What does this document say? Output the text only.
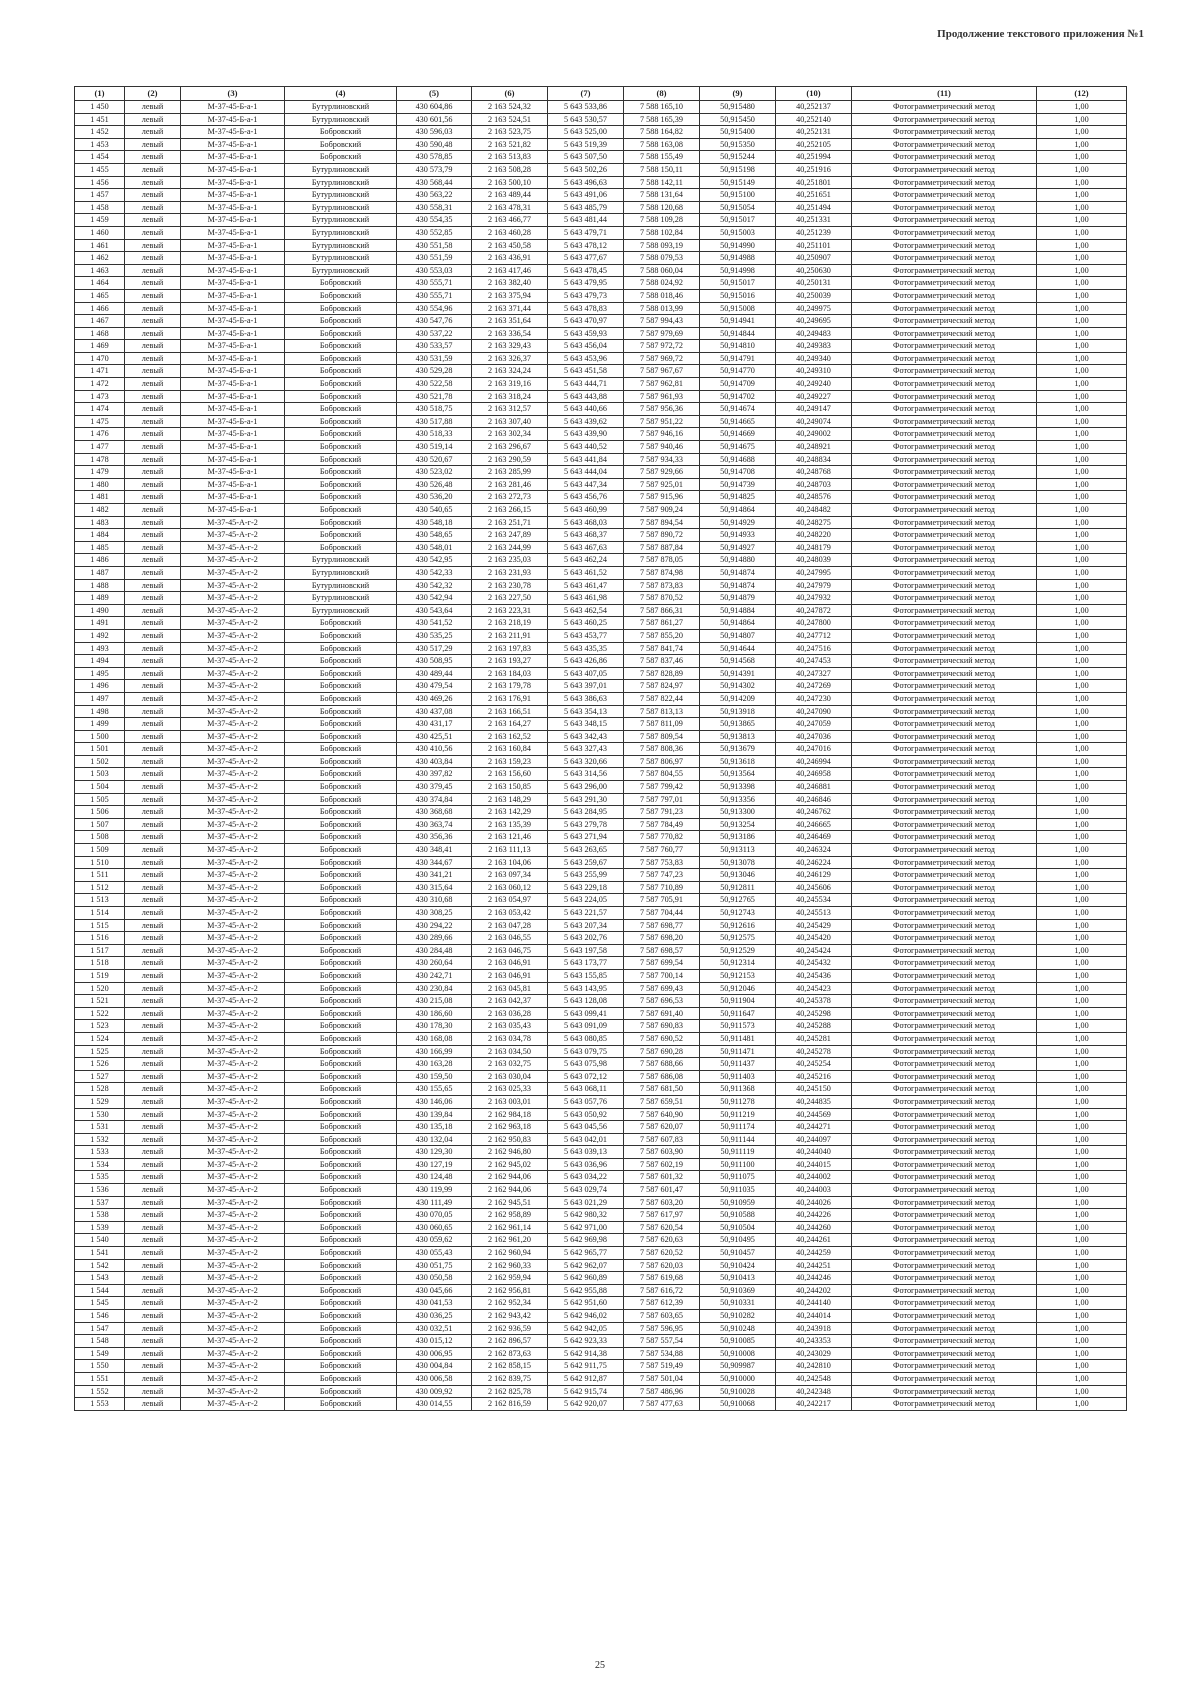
Продолжение текстового приложения №1
(1)	(2)	(3)	(4)	(5)	(6)	(7)	(8)	(9)	(10)	(11)	(12)
1 450	левый	М-37-45-Б-а-1	Бутурлиновский	430 604,86	2 163 524,32	5 643 533,86	7 588 165,10	50,915480	40,252137	Фотограмметрический метод	1,00
1 451	левый	М-37-45-Б-а-1	Бутурлиновский	430 601,56	2 163 524,51	5 643 530,57	7 588 165,39	50,915450	40,252140	Фотограмметрический метод	1,00
1 452	левый	М-37-45-Б-а-1	Бобровский	430 596,03	2 163 523,75	5 643 525,00	7 588 164,82	50,915400	40,252131	Фотограмметрический метод	1,00
1 453	левый	М-37-45-Б-а-1	Бобровский	430 590,48	2 163 521,82	5 643 519,39	7 588 163,08	50,915350	40,252105	Фотограмметрический метод	1,00
1 454	левый	М-37-45-Б-а-1	Бобровский	430 578,85	2 163 513,83	5 643 507,50	7 588 155,49	50,915244	40,251994	Фотограмметрический метод	1,00
1 455	левый	М-37-45-Б-а-1	Бутурлиновский	430 573,79	2 163 508,28	5 643 502,26	7 588 150,11	50,915198	40,251916	Фотограмметрический метод	1,00
1 456	левый	М-37-45-Б-а-1	Бутурлиновский	430 568,44	2 163 500,10	5 643 496,63	7 588 142,11	50,915149	40,251801	Фотограмметрический метод	1,00
1 457	левый	М-37-45-Б-а-1	Бутурлиновский	430 563,22	2 163 489,44	5 643 491,06	7 588 131,64	50,915100	40,251651	Фотограмметрический метод	1,00
1 458	левый	М-37-45-Б-а-1	Бутурлиновский	430 558,31	2 163 478,31	5 643 485,79	7 588 120,68	50,915054	40,251494	Фотограмметрический метод	1,00
1 459	левый	М-37-45-Б-а-1	Бутурлиновский	430 554,35	2 163 466,77	5 643 481,44	7 588 109,28	50,915017	40,251331	Фотограмметрический метод	1,00
1 460	левый	М-37-45-Б-а-1	Бутурлиновский	430 552,85	2 163 460,28	5 643 479,71	7 588 102,84	50,915003	40,251239	Фотограмметрический метод	1,00
1 461	левый	М-37-45-Б-а-1	Бутурлиновский	430 551,58	2 163 450,58	5 643 478,12	7 588 093,19	50,914990	40,251101	Фотограмметрический метод	1,00
1 462	левый	М-37-45-Б-а-1	Бутурлиновский	430 551,59	2 163 436,91	5 643 477,67	7 588 079,53	50,914988	40,250907	Фотограмметрический метод	1,00
1 463	левый	М-37-45-Б-а-1	Бутурлиновский	430 553,03	2 163 417,46	5 643 478,45	7 588 060,04	50,914998	40,250630	Фотограмметрический метод	1,00
1 464	левый	М-37-45-Б-а-1	Бобровский	430 555,71	2 163 382,40	5 643 479,95	7 588 024,92	50,915017	40,250131	Фотограмметрический метод	1,00
1 465	левый	М-37-45-Б-а-1	Бобровский	430 555,71	2 163 375,94	5 643 479,73	7 588 018,46	50,915016	40,250039	Фотограмметрический метод	1,00
1 466	левый	М-37-45-Б-а-1	Бобровский	430 554,96	2 163 371,44	5 643 478,83	7 588 013,99	50,915008	40,249975	Фотограмметрический метод	1,00
1 467	левый	М-37-45-Б-а-1	Бобровский	430 547,76	2 163 351,64	5 643 470,97	7 587 994,43	50,914941	40,249695	Фотограмметрический метод	1,00
1 468	левый	М-37-45-Б-а-1	Бобровский	430 537,22	2 163 336,54	5 643 459,93	7 587 979,69	50,914844	40,249483	Фотограмметрический метод	1,00
1 469	левый	М-37-45-Б-а-1	Бобровский	430 533,57	2 163 329,43	5 643 456,04	7 587 972,72	50,914810	40,249383	Фотограмметрический метод	1,00
1 470	левый	М-37-45-Б-а-1	Бобровский	430 531,59	2 163 326,37	5 643 453,96	7 587 969,72	50,914791	40,249340	Фотограмметрический метод	1,00
1 471	левый	М-37-45-Б-а-1	Бобровский	430 529,28	2 163 324,24	5 643 451,58	7 587 967,67	50,914770	40,249310	Фотограмметрический метод	1,00
1 472	левый	М-37-45-Б-а-1	Бобровский	430 522,58	2 163 319,16	5 643 444,71	7 587 962,81	50,914709	40,249240	Фотограмметрический метод	1,00
1 473	левый	М-37-45-Б-а-1	Бобровский	430 521,78	2 163 318,24	5 643 443,88	7 587 961,93	50,914702	40,249227	Фотограмметрический метод	1,00
1 474	левый	М-37-45-Б-а-1	Бобровский	430 518,75	2 163 312,57	5 643 440,66	7 587 956,36	50,914674	40,249147	Фотограмметрический метод	1,00
1 475	левый	М-37-45-Б-а-1	Бобровский	430 517,88	2 163 307,40	5 643 439,62	7 587 951,22	50,914665	40,249074	Фотограмметрический метод	1,00
1 476	левый	М-37-45-Б-а-1	Бобровский	430 518,33	2 163 302,34	5 643 439,90	7 587 946,16	50,914669	40,249002	Фотограмметрический метод	1,00
1 477	левый	М-37-45-Б-а-1	Бобровский	430 519,14	2 163 296,67	5 643 440,52	7 587 940,46	50,914675	40,248921	Фотограмметрический метод	1,00
1 478	левый	М-37-45-Б-а-1	Бобровский	430 520,67	2 163 290,59	5 643 441,84	7 587 934,33	50,914688	40,248834	Фотограмметрический метод	1,00
1 479	левый	М-37-45-Б-а-1	Бобровский	430 523,02	2 163 285,99	5 643 444,04	7 587 929,66	50,914708	40,248768	Фотограмметрический метод	1,00
1 480	левый	М-37-45-Б-а-1	Бобровский	430 526,48	2 163 281,46	5 643 447,34	7 587 925,01	50,914739	40,248703	Фотограмметрический метод	1,00
1 481	левый	М-37-45-Б-а-1	Бобровский	430 536,20	2 163 272,73	5 643 456,76	7 587 915,96	50,914825	40,248576	Фотограмметрический метод	1,00
1 482	левый	М-37-45-Б-а-1	Бобровский	430 540,65	2 163 266,15	5 643 460,99	7 587 909,24	50,914864	40,248482	Фотограмметрический метод	1,00
1 483	левый	М-37-45-А-г-2	Бобровский	430 548,18	2 163 251,71	5 643 468,03	7 587 894,54	50,914929	40,248275	Фотограмметрический метод	1,00
1 484	левый	М-37-45-А-г-2	Бобровский	430 548,65	2 163 247,89	5 643 468,37	7 587 890,72	50,914933	40,248220	Фотограмметрический метод	1,00
1 485	левый	М-37-45-А-г-2	Бобровский	430 548,01	2 163 244,99	5 643 467,63	7 587 887,84	50,914927	40,248179	Фотограмметрический метод	1,00
1 486	левый	М-37-45-А-г-2	Бутурлиновский	430 542,95	2 163 235,03	5 643 462,24	7 587 878,05	50,914880	40,248039	Фотограмметрический метод	1,00
1 487	левый	М-37-45-А-г-2	Бутурлиновский	430 542,33	2 163 231,93	5 643 461,52	7 587 874,98	50,914874	40,247995	Фотограмметрический метод	1,00
1 488	левый	М-37-45-А-г-2	Бутурлиновский	430 542,32	2 163 230,78	5 643 461,47	7 587 873,83	50,914874	40,247979	Фотограмметрический метод	1,00
1 489	левый	М-37-45-А-г-2	Бутурлиновский	430 542,94	2 163 227,50	5 643 461,98	7 587 870,52	50,914879	40,247932	Фотограмметрический метод	1,00
1 490	левый	М-37-45-А-г-2	Бутурлиновский	430 543,64	2 163 223,31	5 643 462,54	7 587 866,31	50,914884	40,247872	Фотограмметрический метод	1,00
1 491	левый	М-37-45-А-г-2	Бобровский	430 541,52	2 163 218,19	5 643 460,25	7 587 861,27	50,914864	40,247800	Фотограмметрический метод	1,00
1 492	левый	М-37-45-А-г-2	Бобровский	430 535,25	2 163 211,91	5 643 453,77	7 587 855,20	50,914807	40,247712	Фотограмметрический метод	1,00
1 493	левый	М-37-45-А-г-2	Бобровский	430 517,29	2 163 197,83	5 643 435,35	7 587 841,74	50,914644	40,247516	Фотограмметрический метод	1,00
1 494	левый	М-37-45-А-г-2	Бобровский	430 508,95	2 163 193,27	5 643 426,86	7 587 837,46	50,914568	40,247453	Фотограмметрический метод	1,00
1 495	левый	М-37-45-А-г-2	Бобровский	430 489,44	2 163 184,03	5 643 407,05	7 587 828,89	50,914391	40,247327	Фотограмметрический метод	1,00
1 496	левый	М-37-45-А-г-2	Бобровский	430 479,54	2 163 179,78	5 643 397,01	7 587 824,97	50,914302	40,247269	Фотограмметрический метод	1,00
1 497	левый	М-37-45-А-г-2	Бобровский	430 469,26	2 163 176,91	5 643 386,63	7 587 822,44	50,914209	40,247230	Фотограмметрический метод	1,00
1 498	левый	М-37-45-А-г-2	Бобровский	430 437,08	2 163 166,51	5 643 354,13	7 587 813,13	50,913918	40,247090	Фотограмметрический метод	1,00
1 499	левый	М-37-45-А-г-2	Бобровский	430 431,17	2 163 164,27	5 643 348,15	7 587 811,09	50,913865	40,247059	Фотограмметрический метод	1,00
1 500	левый	М-37-45-А-г-2	Бобровский	430 425,51	2 163 162,52	5 643 342,43	7 587 809,54	50,913813	40,247036	Фотограмметрический метод	1,00
1 501	левый	М-37-45-А-г-2	Бобровский	430 410,56	2 163 160,84	5 643 327,43	7 587 808,36	50,913679	40,247016	Фотограмметрический метод	1,00
1 502	левый	М-37-45-А-г-2	Бобровский	430 403,84	2 163 159,23	5 643 320,66	7 587 806,97	50,913618	40,246994	Фотограмметрический метод	1,00
1 503	левый	М-37-45-А-г-2	Бобровский	430 397,82	2 163 156,60	5 643 314,56	7 587 804,55	50,913564	40,246958	Фотограмметрический метод	1,00
1 504	левый	М-37-45-А-г-2	Бобровский	430 379,45	2 163 150,85	5 643 296,00	7 587 799,42	50,913398	40,246881	Фотограмметрический метод	1,00
1 505	левый	М-37-45-А-г-2	Бобровский	430 374,84	2 163 148,29	5 643 291,30	7 587 797,01	50,913356	40,246846	Фотограмметрический метод	1,00
1 506	левый	М-37-45-А-г-2	Бобровский	430 368,68	2 163 142,29	5 643 284,95	7 587 791,23	50,913300	40,246762	Фотограмметрический метод	1,00
1 507	левый	М-37-45-А-г-2	Бобровский	430 363,74	2 163 135,39	5 643 279,78	7 587 784,49	50,913254	40,246665	Фотограмметрический метод	1,00
1 508	левый	М-37-45-А-г-2	Бобровский	430 356,36	2 163 121,46	5 643 271,94	7 587 770,82	50,913186	40,246469	Фотограмметрический метод	1,00
1 509	левый	М-37-45-А-г-2	Бобровский	430 348,41	2 163 111,13	5 643 263,65	7 587 760,77	50,913113	40,246324	Фотограмметрический метод	1,00
1 510	левый	М-37-45-А-г-2	Бобровский	430 344,67	2 163 104,06	5 643 259,67	7 587 753,83	50,913078	40,246224	Фотограмметрический метод	1,00
1 511	левый	М-37-45-А-г-2	Бобровский	430 341,21	2 163 097,34	5 643 255,99	7 587 747,23	50,913046	40,246129	Фотограмметрический метод	1,00
1 512	левый	М-37-45-А-г-2	Бобровский	430 315,64	2 163 060,12	5 643 229,18	7 587 710,89	50,912811	40,245606	Фотограмметрический метод	1,00
1 513	левый	М-37-45-А-г-2	Бобровский	430 310,68	2 163 054,97	5 643 224,05	7 587 705,91	50,912765	40,245534	Фотограмметрический метод	1,00
1 514	левый	М-37-45-А-г-2	Бобровский	430 308,25	2 163 053,42	5 643 221,57	7 587 704,44	50,912743	40,245513	Фотограмметрический метод	1,00
1 515	левый	М-37-45-А-г-2	Бобровский	430 294,22	2 163 047,28	5 643 207,34	7 587 698,77	50,912616	40,245429	Фотограмметрический метод	1,00
1 516	левый	М-37-45-А-г-2	Бобровский	430 289,66	2 163 046,55	5 643 202,76	7 587 698,20	50,912575	40,245420	Фотограмметрический метод	1,00
1 517	левый	М-37-45-А-г-2	Бобровский	430 284,48	2 163 046,75	5 643 197,58	7 587 698,57	50,912529	40,245424	Фотограмметрический метод	1,00
1 518	левый	М-37-45-А-г-2	Бобровский	430 260,64	2 163 046,91	5 643 173,77	7 587 699,54	50,912314	40,245432	Фотограмметрический метод	1,00
1 519	левый	М-37-45-А-г-2	Бобровский	430 242,71	2 163 046,91	5 643 155,85	7 587 700,14	50,912153	40,245436	Фотограмметрический метод	1,00
1 520	левый	М-37-45-А-г-2	Бобровский	430 230,84	2 163 045,81	5 643 143,95	7 587 699,43	50,912046	40,245423	Фотограмметрический метод	1,00
1 521	левый	М-37-45-А-г-2	Бобровский	430 215,08	2 163 042,37	5 643 128,08	7 587 696,53	50,911904	40,245378	Фотограмметрический метод	1,00
1 522	левый	М-37-45-А-г-2	Бобровский	430 186,60	2 163 036,28	5 643 099,41	7 587 691,40	50,911647	40,245298	Фотограмметрический метод	1,00
1 523	левый	М-37-45-А-г-2	Бобровский	430 178,30	2 163 035,43	5 643 091,09	7 587 690,83	50,911573	40,245288	Фотограмметрический метод	1,00
1 524	левый	М-37-45-А-г-2	Бобровский	430 168,08	2 163 034,78	5 643 080,85	7 587 690,52	50,911481	40,245281	Фотограмметрический метод	1,00
1 525	левый	М-37-45-А-г-2	Бобровский	430 166,99	2 163 034,50	5 643 079,75	7 587 690,28	50,911471	40,245278	Фотограмметрический метод	1,00
1 526	левый	М-37-45-А-г-2	Бобровский	430 163,28	2 163 032,75	5 643 075,98	7 587 688,66	50,911437	40,245254	Фотограмметрический метод	1,00
1 527	левый	М-37-45-А-г-2	Бобровский	430 159,50	2 163 030,04	5 643 072,12	7 587 686,08	50,911403	40,245216	Фотограмметрический метод	1,00
1 528	левый	М-37-45-А-г-2	Бобровский	430 155,65	2 163 025,33	5 643 068,11	7 587 681,50	50,911368	40,245150	Фотограмметрический метод	1,00
1 529	левый	М-37-45-А-г-2	Бобровский	430 146,06	2 163 003,01	5 643 057,76	7 587 659,51	50,911278	40,244835	Фотограмметрический метод	1,00
1 530	левый	М-37-45-А-г-2	Бобровский	430 139,84	2 162 984,18	5 643 050,92	7 587 640,90	50,911219	40,244569	Фотограмметрический метод	1,00
1 531	левый	М-37-45-А-г-2	Бобровский	430 135,18	2 162 963,18	5 643 045,56	7 587 620,07	50,911174	40,244271	Фотограмметрический метод	1,00
1 532	левый	М-37-45-А-г-2	Бобровский	430 132,04	2 162 950,83	5 643 042,01	7 587 607,83	50,911144	40,244097	Фотограмметрический метод	1,00
1 533	левый	М-37-45-А-г-2	Бобровский	430 129,30	2 162 946,80	5 643 039,13	7 587 603,90	50,911119	40,244040	Фотограмметрический метод	1,00
1 534	левый	М-37-45-А-г-2	Бобровский	430 127,19	2 162 945,02	5 643 036,96	7 587 602,19	50,911100	40,244015	Фотограмметрический метод	1,00
1 535	левый	М-37-45-А-г-2	Бобровский	430 124,48	2 162 944,06	5 643 034,22	7 587 601,32	50,911075	40,244002	Фотограмметрический метод	1,00
1 536	левый	М-37-45-А-г-2	Бобровский	430 119,99	2 162 944,06	5 643 029,74	7 587 601,47	50,911035	40,244003	Фотограмметрический метод	1,00
1 537	левый	М-37-45-А-г-2	Бобровский	430 111,49	2 162 945,51	5 643 021,29	7 587 603,20	50,910959	40,244026	Фотограмметрический метод	1,00
1 538	левый	М-37-45-А-г-2	Бобровский	430 070,05	2 162 958,89	5 642 980,32	7 587 617,97	50,910588	40,244226	Фотограмметрический метод	1,00
1 539	левый	М-37-45-А-г-2	Бобровский	430 060,65	2 162 961,14	5 642 971,00	7 587 620,54	50,910504	40,244260	Фотограмметрический метод	1,00
1 540	левый	М-37-45-А-г-2	Бобровский	430 059,62	2 162 961,20	5 642 969,98	7 587 620,63	50,910495	40,244261	Фотограмметрический метод	1,00
1 541	левый	М-37-45-А-г-2	Бобровский	430 055,43	2 162 960,94	5 642 965,77	7 587 620,52	50,910457	40,244259	Фотограмметрический метод	1,00
1 542	левый	М-37-45-А-г-2	Бобровский	430 051,75	2 162 960,33	5 642 962,07	7 587 620,03	50,910424	40,244251	Фотограмметрический метод	1,00
1 543	левый	М-37-45-А-г-2	Бобровский	430 050,58	2 162 959,94	5 642 960,89	7 587 619,68	50,910413	40,244246	Фотограмметрический метод	1,00
1 544	левый	М-37-45-А-г-2	Бобровский	430 045,66	2 162 956,81	5 642 955,88	7 587 616,72	50,910369	40,244202	Фотограмметрический метод	1,00
1 545	левый	М-37-45-А-г-2	Бобровский	430 041,53	2 162 952,34	5 642 951,60	7 587 612,39	50,910331	40,244140	Фотограмметрический метод	1,00
1 546	левый	М-37-45-А-г-2	Бобровский	430 036,25	2 162 943,42	5 642 946,02	7 587 603,65	50,910282	40,244014	Фотограмметрический метод	1,00
1 547	левый	М-37-45-А-г-2	Бобровский	430 032,51	2 162 936,59	5 642 942,05	7 587 596,95	50,910248	40,243918	Фотограмметрический метод	1,00
1 548	левый	М-37-45-А-г-2	Бобровский	430 015,12	2 162 896,57	5 642 923,33	7 587 557,54	50,910085	40,243353	Фотограмметрический метод	1,00
1 549	левый	М-37-45-А-г-2	Бобровский	430 006,95	2 162 873,63	5 642 914,38	7 587 534,88	50,910008	40,243029	Фотограмметрический метод	1,00
1 550	левый	М-37-45-А-г-2	Бобровский	430 004,84	2 162 858,15	5 642 911,75	7 587 519,49	50,909987	40,242810	Фотограмметрический метод	1,00
1 551	левый	М-37-45-А-г-2	Бобровский	430 006,58	2 162 839,75	5 642 912,87	7 587 501,04	50,910000	40,242548	Фотограмметрический метод	1,00
1 552	левый	М-37-45-А-г-2	Бобровский	430 009,92	2 162 825,78	5 642 915,74	7 587 486,96	50,910028	40,242348	Фотограмметрический метод	1,00
1 553	левый	М-37-45-А-г-2	Бобровский	430 014,55	2 162 816,59	5 642 920,07	7 587 477,63	50,910068	40,242217	Фотограмметрический метод	1,00
25
